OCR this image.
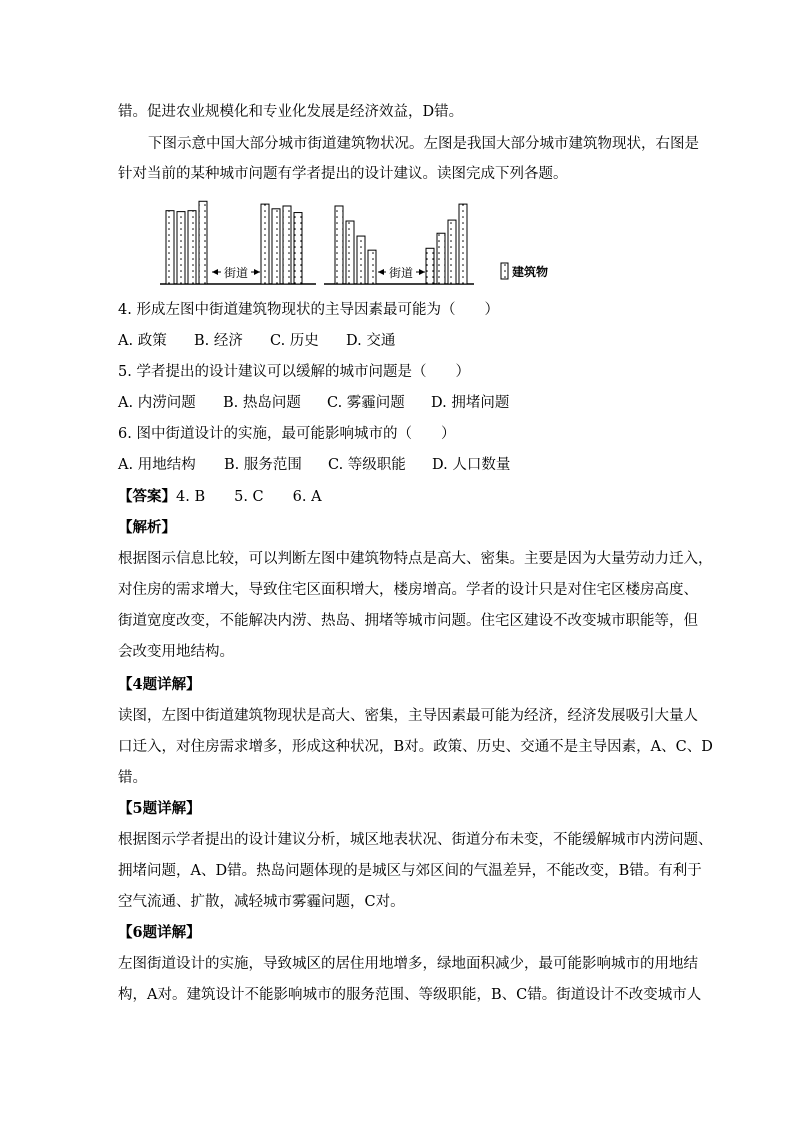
错。促进农业规模化和专业化发展是经济效益，D错。
下图示意中国大部分城市街道建筑物状况。左图是我国大部分城市建筑物现状，右图是
针对当前的某种城市问题有学者提出的设计建议。读图完成下列各题。
街道	街道	建筑物
4. 形成左图中街道建筑物现状的主导因素最可能为（　　）
A. 政策 B. 经济 C. 历史 D. 交通
5. 学者提出的设计建议可以缓解的城市问题是（　　）
A. 内涝问题 B. 热岛问题 C. 雾霾问题 D. 拥堵问题
6. 图中街道设计的实施，最可能影响城市的（　　）
A. 用地结构 B. 服务范围 C. 等级职能 D. 人口数量
【答案】4. B　　5. C　　6. A
【解析】
根据图示信息比较，可以判断左图中建筑物特点是高大、密集。主要是因为大量劳动力迁入，
对住房的需求增大，导致住宅区面积增大，楼房增高。学者的设计只是对住宅区楼房高度、
街道宽度改变，不能解决内涝、热岛、拥堵等城市问题。住宅区建设不改变城市职能等，但
会改变用地结构。
【4题详解】
读图，左图中街道建筑物现状是高大、密集，主导因素最可能为经济，经济发展吸引大量人
口迁入，对住房需求增多，形成这种状况，B对。政策、历史、交通不是主导因素，A、C、D
错。
【5题详解】
根据图示学者提出的设计建议分析，城区地表状况、街道分布未变，不能缓解城市内涝问题、
拥堵问题，A、D错。热岛问题体现的是城区与郊区间的气温差异，不能改变，B错。有利于
空气流通、扩散，减轻城市雾霾问题，C对。
【6题详解】
左图街道设计的实施，导致城区的居住用地增多，绿地面积减少，最可能影响城市的用地结
构，A对。建筑设计不能影响城市的服务范围、等级职能，B、C错。街道设计不改变城市人
